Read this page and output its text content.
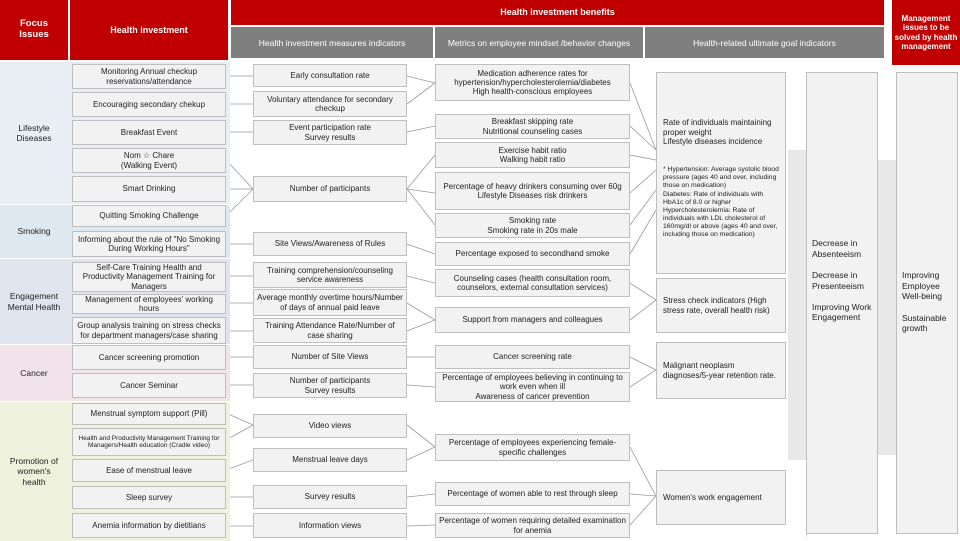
Focus
Issues	Health investment
Health investment benefits
Health investment measures indicators	Metrics on employee mindset /behavior changes	Health-related ultimate goal indicators
Management issues to be solved by health management
Lifestyle
Diseases
Smoking
Engagement
Mental Health
Cancer
Promotion of
women's
health
Monitoring Annual checkup reservations/attendance
Encouraging secondary chekup
Breakfast Event
Nom ☆ Chare
(Walking Event)
Smart Drinking
Quitting Smoking Challenge
Informing about the rule of "No Smoking During Working Hours"
Self-Care Training Health and Productivity Management Training for Managers
Management of employees' working hours
Group analysis training on stress checks for department managers/case sharing
Cancer screening promotion
Cancer Seminar
Menstrual symptom support (Pill)
Health and Productivity Management Training for Managers/Health education (Cradle video)
Ease of menstrual leave
Sleep survey
Anemia information by dietitians
Early consultation rate
Voluntary attendance for secondary checkup
Event participation rate
Survey results
Number of participants
Site Views/Awareness of Rules
Training comprehension/counseling service awareness
Average monthly overtime hours/Number of days of annual paid leave
Training Attendance Rate/Number of case sharing
Number of Site Views
Number of participants
Survey results
Video views
Menstrual leave days
Survey results
Information views
Medication adherence rates for hypertension/hypercholesterolemia/diabetes
High health-conscious employees
Breakfast skipping rate
Nutritional counseling cases
Exercise habit ratio
Walking habit ratio
Percentage of heavy drinkers consuming over 60g
Lifestyle Diseases risk drinkers
Smoking rate
Smoking rate in 20s male
Percentage exposed to secondhand smoke
Counseling cases (health consultation room, counselors, external consultation services)
Support from managers and colleagues
Cancer screening rate
Percentage of employees believing in continuing to work even when ill
Awareness of cancer prevention
Percentage of employees experiencing female-specific challenges
Percentage of women able to rest through sleep
Percentage of women requiring detailed examination for anemia

Rate of individuals maintaining proper weight
Lifestyle diseases incidence

* Hypertension: Average systolic blood pressure (ages 40 and over, including those on medication)
Diabetes: Rate of individuals with HbA1c of 8.0 or higher
Hypercholesterolemia: Rate of individuals with LDL cholesterol of 160mg/dl or above (ages 40 and over, including those on medication)

Stress check indicators (High stress rate, overall health risk)
Malignant neoplasm diagnoses/5-year retention rate.
Women's work engagement
Decrease in Absenteeism

Decrease in Presenteeism

Improving Work Engagement
Improving Employee Well-being

Sustainable growth
